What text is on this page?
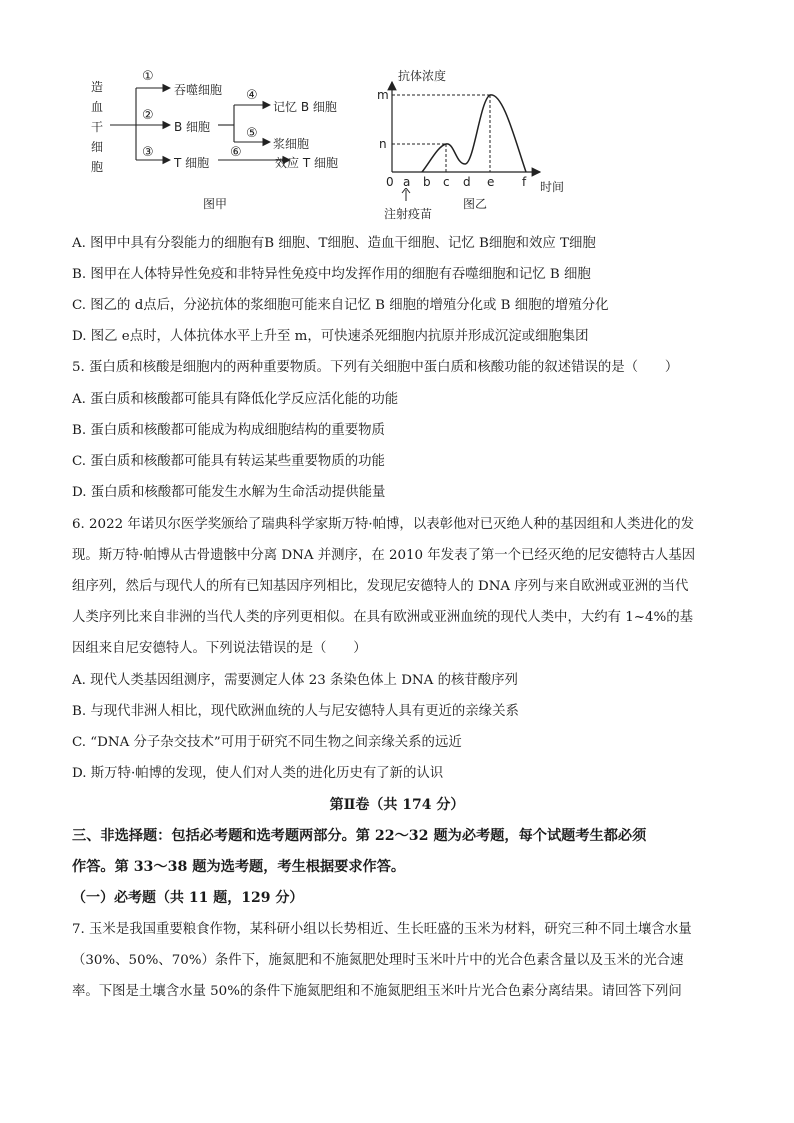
造
血
干
细
胞
①
②
③
④
⑤
⑥
吞噬细胞
B 细胞
T 细胞
记忆 B 细胞
浆细胞
效应 T 细胞
图甲
抗体浓度
m
n
0 a b c d e f 时间
注射疫苗
图乙
A. 图甲中具有分裂能力的细胞有B 细胞、T细胞、造血干细胞、记忆 B细胞和效应 T细胞
B. 图甲在人体特异性免疫和非特异性免疫中均发挥作用的细胞有吞噬细胞和记忆 B 细胞
C. 图乙的 d点后，分泌抗体的浆细胞可能来自记忆 B 细胞的增殖分化或 B 细胞的增殖分化
D. 图乙 e点时，人体抗体水平上升至 m，可快速杀死细胞内抗原并形成沉淀或细胞集团
5. 蛋白质和核酸是细胞内的两种重要物质。下列有关细胞中蛋白质和核酸功能的叙述错误的是（　　）
A. 蛋白质和核酸都可能具有降低化学反应活化能的功能
B. 蛋白质和核酸都可能成为构成细胞结构的重要物质
C. 蛋白质和核酸都可能具有转运某些重要物质的功能
D. 蛋白质和核酸都可能发生水解为生命活动提供能量
6. 2022 年诺贝尔医学奖颁给了瑞典科学家斯万特·帕博，以表彰他对已灭绝人种的基因组和人类进化的发
现。斯万特·帕博从古骨遗骸中分离 DNA 并测序，在 2010 年发表了第一个已经灭绝的尼安德特古人基因
组序列，然后与现代人的所有已知基因序列相比，发现尼安德特人的 DNA 序列与来自欧洲或亚洲的当代
人类序列比来自非洲的当代人类的序列更相似。在具有欧洲或亚洲血统的现代人类中，大约有 1~4%的基
因组来自尼安德特人。下列说法错误的是（　　）
A. 现代人类基因组测序，需要测定人体 23 条染色体上 DNA 的核苷酸序列
B. 与现代非洲人相比，现代欧洲血统的人与尼安德特人具有更近的亲缘关系
C. “DNA 分子杂交技术”可用于研究不同生物之间亲缘关系的远近
D. 斯万特·帕博的发现，使人们对人类的进化历史有了新的认识
第Ⅱ卷（共 174 分）
三、非选择题：包括必考题和选考题两部分。第 22～32 题为必考题，每个试题考生都必须
作答。第 33～38 题为选考题，考生根据要求作答。
（一）必考题（共 11 题，129 分）
7. 玉米是我国重要粮食作物，某科研小组以长势相近、生长旺盛的玉米为材料，研究三种不同土壤含水量
（30%、50%、70%）条件下，施氮肥和不施氮肥处理时玉米叶片中的光合色素含量以及玉米的光合速
率。下图是土壤含水量 50%的条件下施氮肥组和不施氮肥组玉米叶片光合色素分离结果。请回答下列问
